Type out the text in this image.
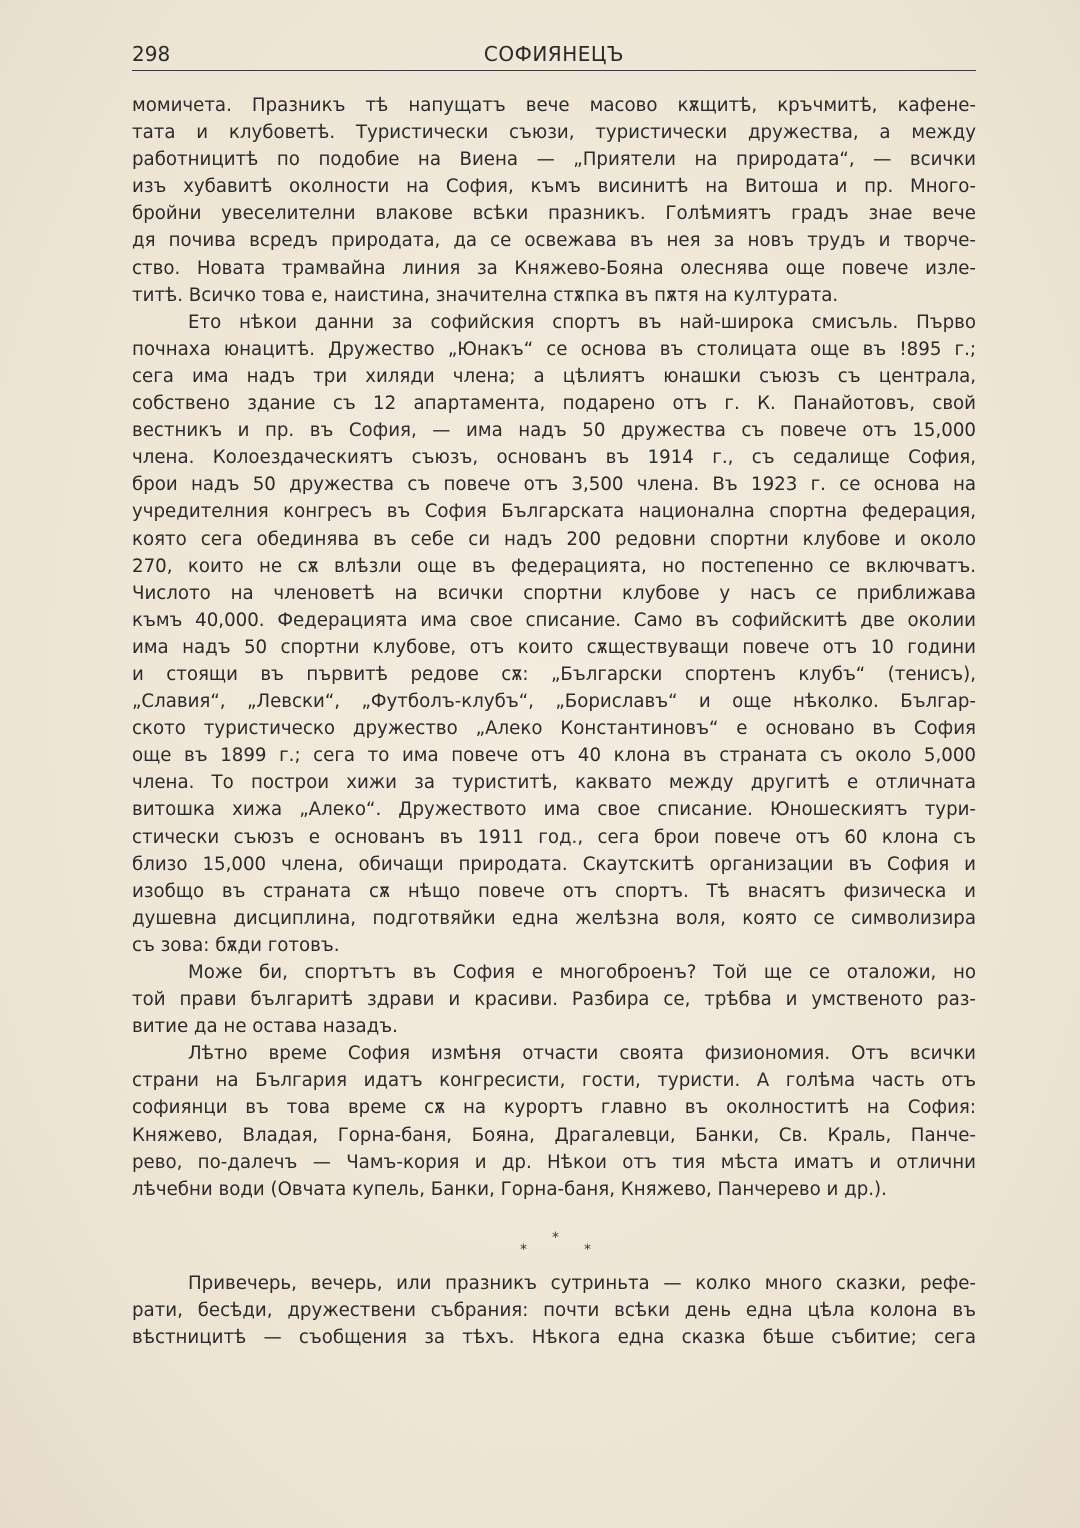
298	СОФИЯНЕЦЪ

момичета. Празникъ тѣ напущатъ вече масово кѫщитѣ, кръчмитѣ, кафене-
тата и клубоветѣ. Туристически съюзи, туристически дружества, а между
работницитѣ по подобие на Виена — „Приятели на природата“, — всички
изъ хубавитѣ околности на София, къмъ висинитѣ на Витоша и пр. Много-
бройни увеселителни влакове всѣки празникъ. Голѣмиятъ градъ знае вече
дя почива всредъ природата, да се освежава въ нея за новъ трудъ и творче-
ство. Новата трамвайна линия за Княжево-Бояна олеснява още повече изле-
титѣ. Всичко това е, наистина, значителна стѫпка въ пѫтя на културата.

Ето нѣкои данни за софийския спортъ въ най-широка смисъль. Първо
почнаха юнацитѣ. Дружество „Юнакъ“ се основа въ столицата още въ !895 г.;
сега има надъ три хиляди члена; а цѣлиятъ юнашки съюзъ съ централа,
собствено здание съ 12 апартамента, подарено отъ г. К. Панайотовъ, свой
вестникъ и пр. въ София, — има надъ 50 дружества съ повече отъ 15,000
члена. Колоездаческиятъ съюзъ, основанъ въ 1914 г., съ седалище София,
брои надъ 50 дружества съ повече отъ 3,500 члена. Въ 1923 г. се основа на
учредителния конгресъ въ София Българската национална спортна федерация,
която сега обединява въ себе си надъ 200 редовни спортни клубове и около
270, които не сѫ влѣзли още въ федерацията, но постепенно се включватъ.
Числото на членоветѣ на всички спортни клубове у насъ се приближава
къмъ 40,000. Федерацията има свое списание. Само въ софийскитѣ две околии
има надъ 50 спортни клубове, отъ които сѫществуващи повече отъ 10 години
и стоящи въ първитѣ редове сѫ: „Български спортенъ клубъ“ (тенисъ),
„Славия“, „Левски“, „Футболъ-клубъ“, „Бориславъ“ и още нѣколко. Българ-
ското туристическо дружество „Алеко Константиновъ“ е основано въ София
още въ 1899 г.; сега то има повече отъ 40 клона въ страната съ около 5,000
члена. То построи хижи за туриститѣ, каквато между другитѣ е отличната
витошка хижа „Алеко“. Дружеството има свое списание. Юношескиятъ тури-
стически съюзъ е основанъ въ 1911 год., сега брои повече отъ 60 клона съ
близо 15,000 члена, обичащи природата. Скаутскитѣ организации въ София и
изобщо въ страната сѫ нѣщо повече отъ спортъ. Тѣ внасятъ физическа и
душевна дисциплина, подготвяйки една желѣзна воля, която се символизира
съ зова: бѫди готовъ.

Може би, спортътъ въ София е многоброенъ? Той ще се оталожи, но
той прави българитѣ здрави и красиви. Разбира се, трѣбва и умственото раз-
витие да не остава назадъ.

Лѣтно време София измѣня отчасти своята физиономия. Отъ всички
страни на България идатъ конгресисти, гости, туристи. А голѣма часть отъ
софиянци въ това време сѫ на курортъ главно въ околноститѣ на София:
Княжево, Владая, Горна-баня, Бояна, Драгалевци, Банки, Св. Краль, Панче-
рево, по-далечъ — Чамъ-кория и др. Нѣкои отъ тия мѣста иматъ и отлични
лѣчебни води (Овчата купель, Банки, Горна-баня, Княжево, Панчерево и др.).

*
*
*

Привечерь, вечерь, или празникъ сутриньта — колко много сказки, рефе-
рати, бесѣди, дружествени събрания: почти всѣки день една цѣла колона въ
вѣстницитѣ — съобщения за тѣхъ. Нѣкога една сказка бѣше събитие; сега
